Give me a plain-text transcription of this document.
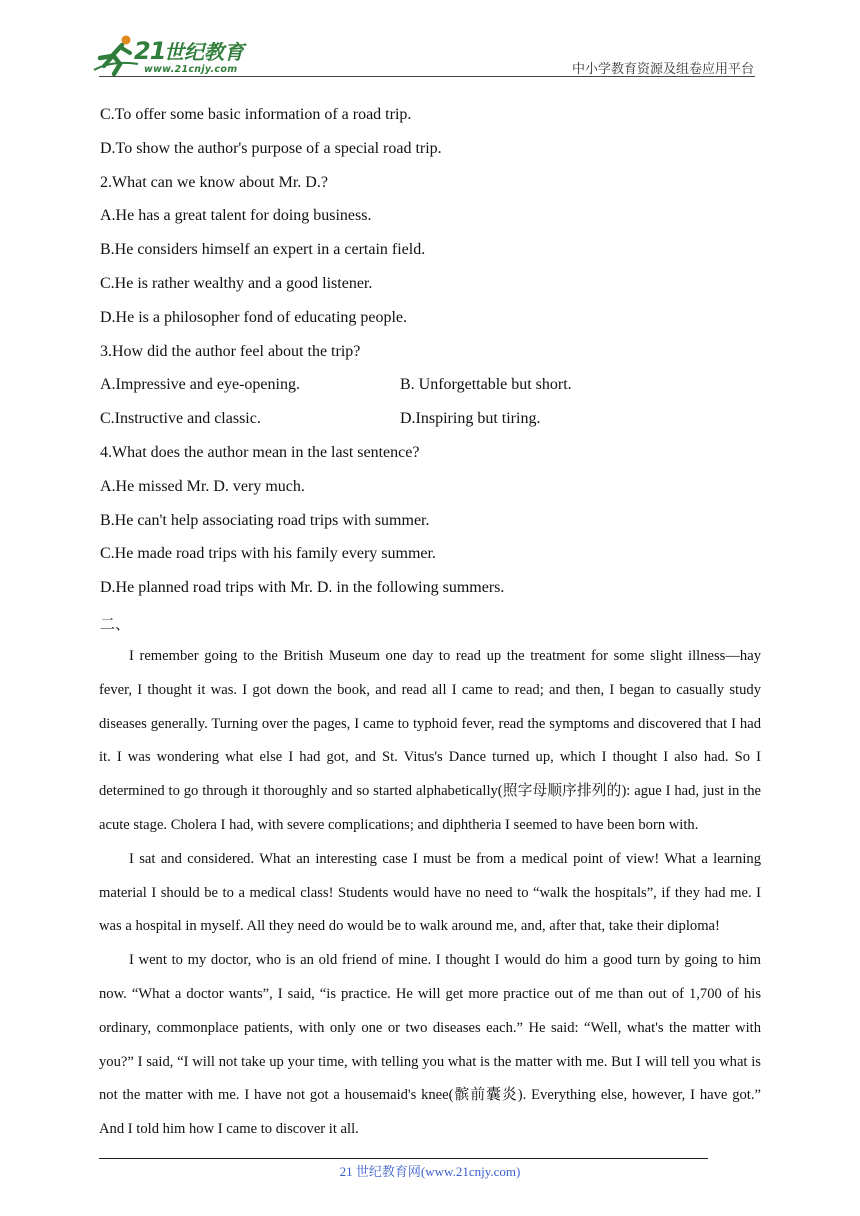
21
世纪教育
www.21cnjy.com	中小学教育资源及组卷应用平台
C.To offer some basic information of a road trip.
D.To show the author's purpose of a special road trip.
2.What can we know about Mr. D.?
A.He has a great talent for doing business.
B.He considers himself an expert in a certain field.
C.He is rather wealthy and a good listener.
D.He is a philosopher fond of educating people.
3.How did the author feel about the trip?
A.Impressive and eye-opening.	B. Unforgettable but short.
C.Instructive and classic.	D.Inspiring but tiring.
4.What does the author mean in the last sentence?
A.He missed Mr. D. very much.
B.He can't help associating road trips with summer.
C.He made road trips with his family every summer.
D.He planned road trips with Mr. D. in the following summers.
二、

I remember going to the British Museum one day to read up the treatment for some slight illness—hay fever, I thought it was. I got down the book, and read all I came to read; and then, I began to casually study diseases generally. Turning over the pages, I came to typhoid fever, read the symptoms and discovered that I had it. I was wondering what else I had got, and St. Vitus's Dance turned up, which I thought I also had. So I determined to go through it thoroughly and so started alphabetically(照字母顺序排列的): ague I had, just in the acute stage. Cholera I had, with severe complications; and diphtheria I seemed to have been born with.

I sat and considered. What an interesting case I must be from a medical point of view! What a learning material I should be to a medical class! Students would have no need to “walk the hospitals”, if they had me. I was a hospital in myself. All they need do would be to walk around me, and, after that, take their diploma!

I went to my doctor, who is an old friend of mine. I thought I would do him a good turn by going to him now. “What a doctor wants”, I said, “is practice. He will get more practice out of me than out of 1,700 of his ordinary, commonplace patients, with only one or two diseases each.” He said: “Well, what's the matter with you?” I said, “I will not take up your time, with telling you what is the matter with me. But I will tell you what is not the matter with me. I have not got a housemaid's knee(髌前囊炎). Everything else, however, I have got.” And I told him how I came to discover it all.

21 世纪教育网(www.21cnjy.com)
